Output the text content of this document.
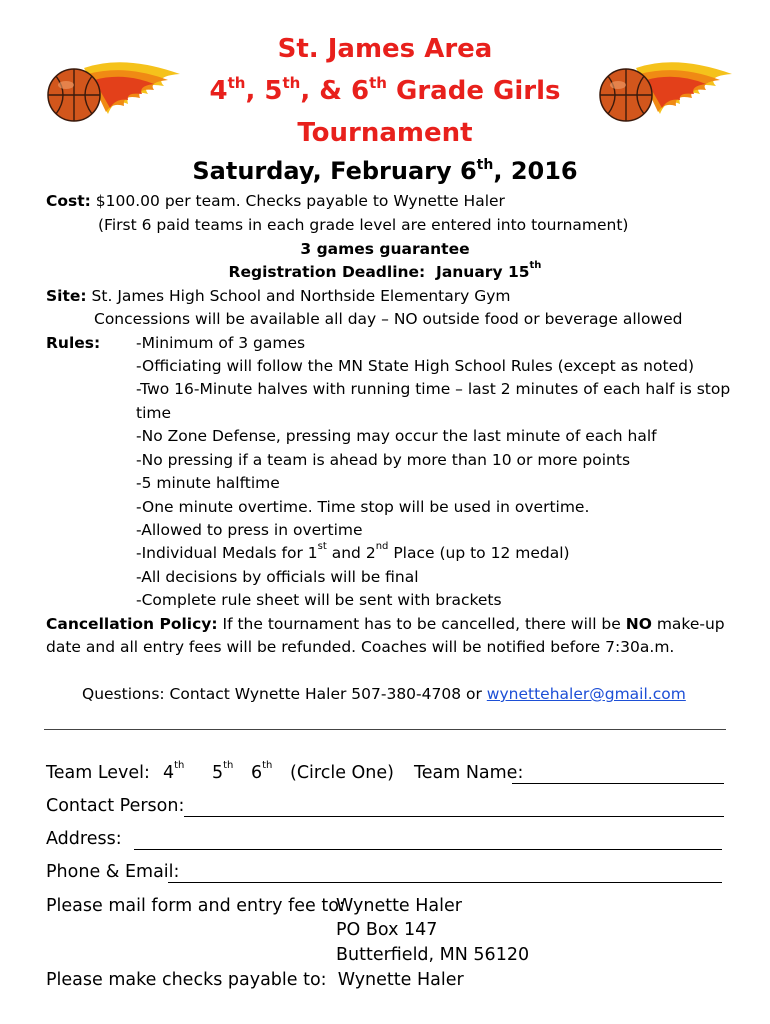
St. James Area
4th, 5th, & 6th Grade Girls
Tournament
Saturday, February 6th, 2016
Cost: $100.00 per team. Checks payable to Wynette Haler
(First 6 paid teams in each grade level are entered into tournament)
3 games guarantee
Registration Deadline: January 15th
Site: St. James High School and Northside Elementary Gym
Concessions will be available all day – NO outside food or beverage allowed
Rules: -Minimum of 3 games
-Officiating will follow the MN State High School Rules (except as noted)
-Two 16-Minute halves with running time – last 2 minutes of each half is stop
time
-No Zone Defense, pressing may occur the last minute of each half
-No pressing if a team is ahead by more than 10 or more points
-5 minute halftime
-One minute overtime. Time stop will be used in overtime.
-Allowed to press in overtime
-Individual Medals for 1st and 2nd Place (up to 12 medal)
-All decisions by officials will be final
-Complete rule sheet will be sent with brackets
Cancellation Policy: If the tournament has to be cancelled, there will be NO make-up
date and all entry fees will be refunded. Coaches will be notified before 7:30a.m.
Questions: Contact Wynette Haler 507-380-4708 or wynettehaler@gmail.com
Team Level: 4th 5th 6th (Circle One) Team Name:
Contact Person:
Address:
Phone & Email:
Please mail form and entry fee to:
Wynette Haler
PO Box 147
Butterfield, MN 56120
Please make checks payable to: Wynette Haler
